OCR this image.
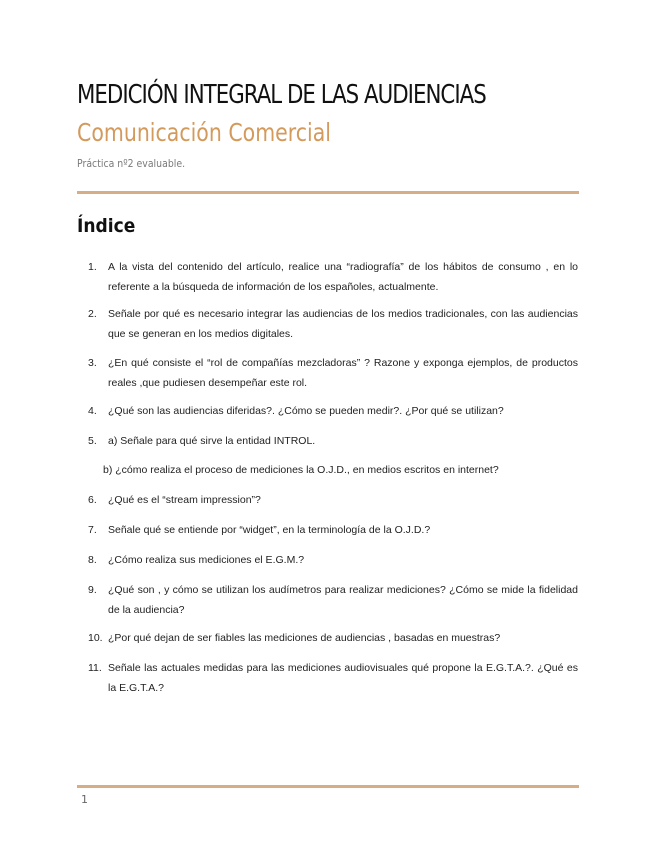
MEDICIÓN INTEGRAL DE LAS AUDIENCIAS
Comunicación Comercial
Práctica nº2 evaluable.
Índice
1. A la vista del contenido del artículo, realice una “radiografía” de los hábitos de consumo , en lo referente a la búsqueda de información de los españoles, actualmente.
2. Señale por qué es necesario integrar las audiencias de los medios tradicionales, con las audiencias que se generan en los medios digitales.
3. ¿En qué consiste el “rol de compañías mezcladoras” ? Razone y exponga ejemplos, de productos reales ,que pudiesen desempeñar este rol.
4. ¿Qué son las audiencias diferidas?. ¿Cómo se pueden medir?. ¿Por qué se utilizan?
5. a) Señale para qué sirve la entidad INTROL.
b) ¿cómo realiza el proceso de mediciones la O.J.D., en medios escritos en internet?
6. ¿Qué es el “stream impression”?
7. Señale qué se entiende por “widget”, en la terminología de la O.J.D.?
8. ¿Cómo realiza sus mediciones el E.G.M.?
9. ¿Qué son , y cómo se utilizan los audímetros para realizar mediciones? ¿Cómo se mide la fidelidad de la audiencia?
10. ¿Por qué dejan de ser fiables las mediciones de audiencias , basadas en muestras?
11. Señale las actuales medidas para las mediciones audiovisuales qué propone la E.G.T.A.?. ¿Qué es la E.G.T.A.?
1
